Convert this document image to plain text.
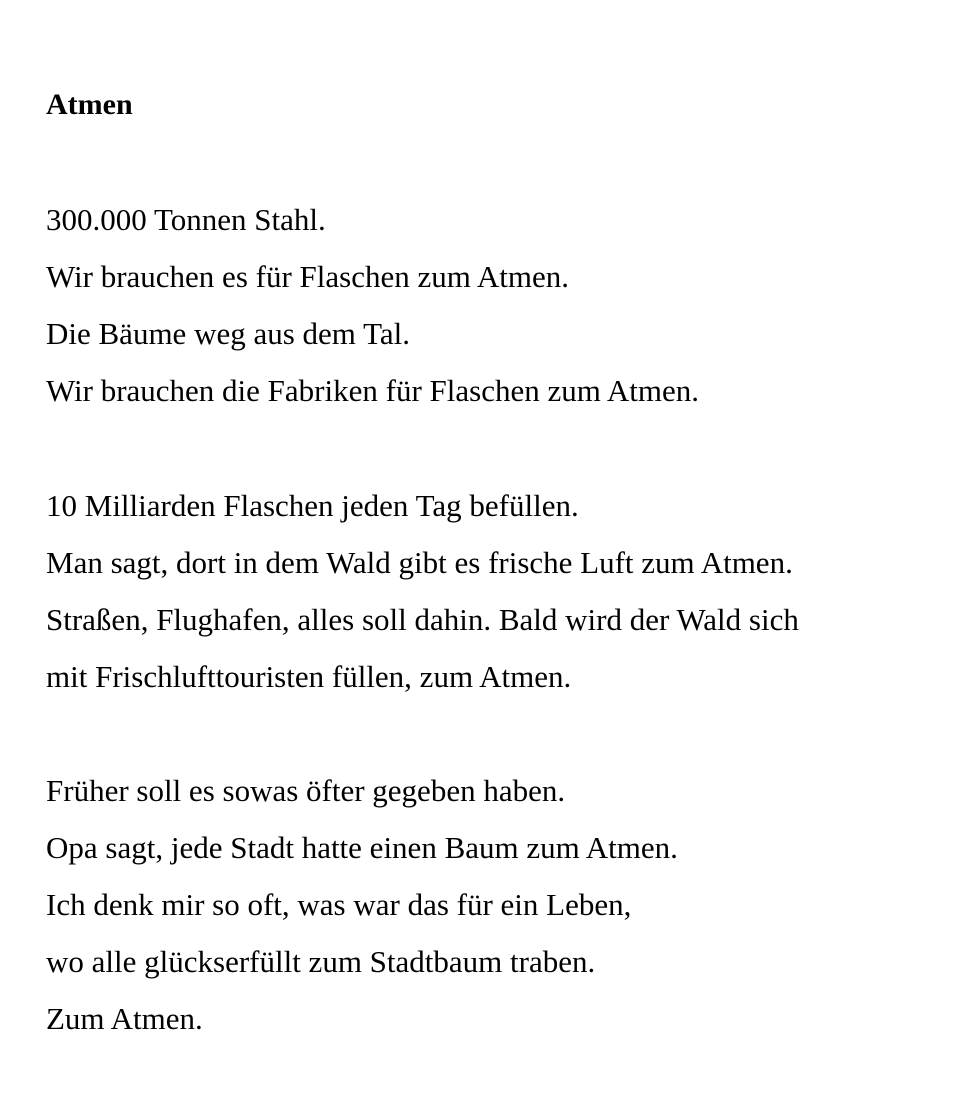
Atmen
300.000 Tonnen Stahl.
Wir brauchen es für Flaschen zum Atmen.
Die Bäume weg aus dem Tal.
Wir brauchen die Fabriken für Flaschen zum Atmen.
10 Milliarden Flaschen jeden Tag befüllen.
Man sagt, dort in dem Wald gibt es frische Luft zum Atmen.
Straßen, Flughafen, alles soll dahin. Bald wird der Wald sich
mit Frischlufttouristen füllen, zum Atmen.
Früher soll es sowas öfter gegeben haben.
Opa sagt, jede Stadt hatte einen Baum zum Atmen.
Ich denk mir so oft, was war das für ein Leben,
wo alle glückserfüllt zum Stadtbaum traben.
Zum Atmen.
